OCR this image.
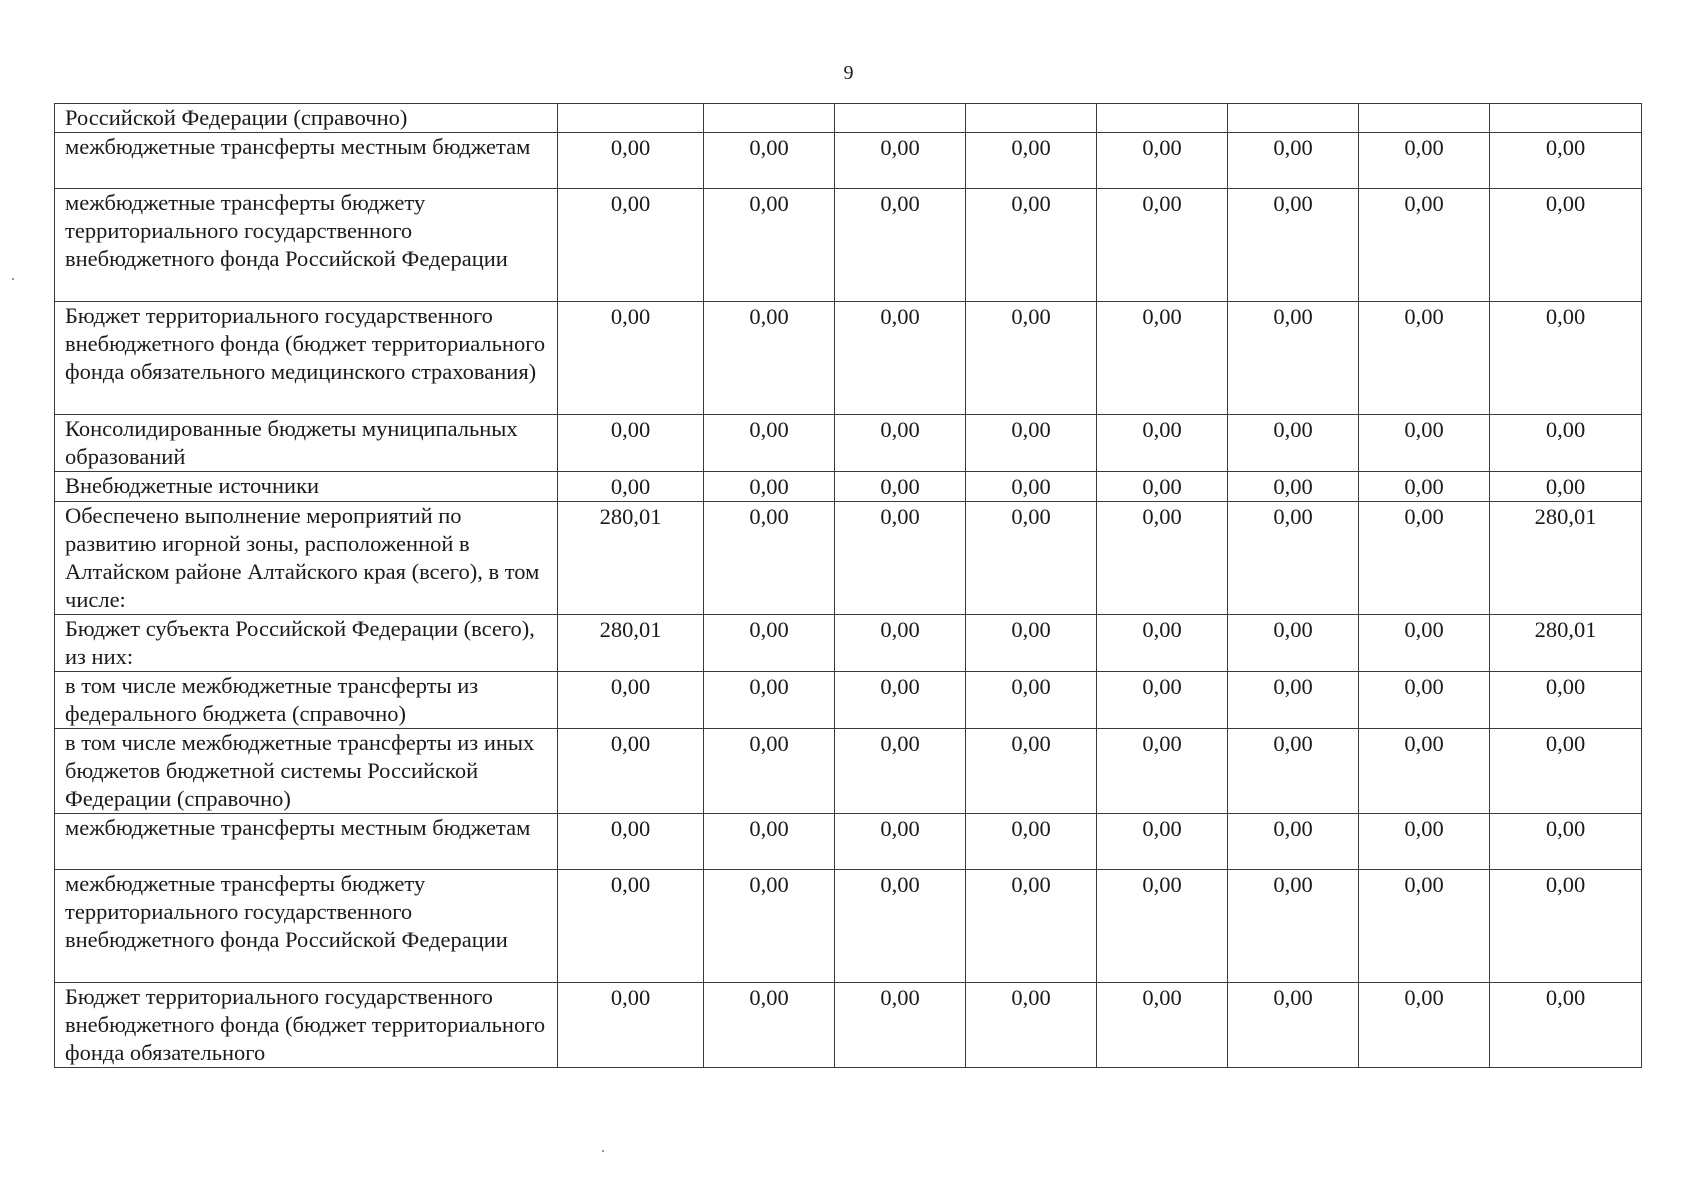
9
Российской Федерации (справочно)								
межбюджетные трансферты местным бюджетам	0,00	0,00	0,00	0,00	0,00	0,00	0,00	0,00
межбюджетные трансферты бюджету территориального государственного внебюджетного фонда Российской Федерации	0,00	0,00	0,00	0,00	0,00	0,00	0,00	0,00
Бюджет территориального государственного внебюджетного фонда (бюджет территориального фонда обязательного медицинского страхования)	0,00	0,00	0,00	0,00	0,00	0,00	0,00	0,00
Консолидированные бюджеты муниципальных образований	0,00	0,00	0,00	0,00	0,00	0,00	0,00	0,00
Внебюджетные источники	0,00	0,00	0,00	0,00	0,00	0,00	0,00	0,00
Обеспечено выполнение мероприятий по развитию игорной зоны, расположенной в Алтайском районе Алтайского края (всего), в том числе:	280,01	0,00	0,00	0,00	0,00	0,00	0,00	280,01
Бюджет субъекта Российской Федерации (всего), из них:	280,01	0,00	0,00	0,00	0,00	0,00	0,00	280,01
в том числе межбюджетные трансферты из федерального бюджета (справочно)	0,00	0,00	0,00	0,00	0,00	0,00	0,00	0,00
в том числе межбюджетные трансферты из иных бюджетов бюджетной системы Российской Федерации (справочно)	0,00	0,00	0,00	0,00	0,00	0,00	0,00	0,00
межбюджетные трансферты местным бюджетам	0,00	0,00	0,00	0,00	0,00	0,00	0,00	0,00
межбюджетные трансферты бюджету территориального государственного внебюджетного фонда Российской Федерации	0,00	0,00	0,00	0,00	0,00	0,00	0,00	0,00
Бюджет территориального государственного внебюджетного фонда (бюджет территориального фонда обязательного	0,00	0,00	0,00	0,00	0,00	0,00	0,00	0,00
